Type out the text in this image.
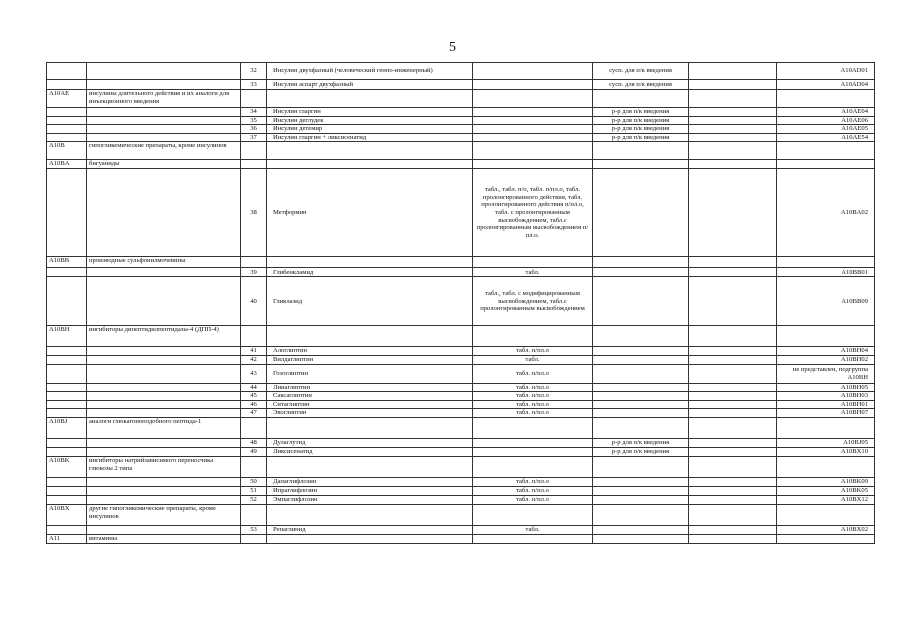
5
		32	Инсулин двухфазный (человеческий генно-инженерный)		сусп. для п/к введения		A10AD01
		33	Инсулин аспарт двухфазный		сусп. для п/к введения		A10AD04
A10AE	инсулины длительного действия и их аналоги для инъекционного введения						
		34	Инсулин гларгин		р-р для п/к введения		A10AE04
		35	Инсулин деглудек		р-р для п/к введения		A10AE06
		36	Инсулин детемир		р-р для п/к введения		A10AE05
		37	Инсулин гларгин + ликсисенатид		р-р для п/к введения		A10AE54
A10B	гипогликемические препараты, кроме инсулинов						
A10BA	бигуаниды						
		38	Метформин	табл., табл. п/о, табл. п/пл.о, табл. пролонгированного действия, табл. пролонгированного действия п/пл.о, табл. с пролонгированным высвобождением, табл.с пролонгированным высвобождением п/пл.о.			A10BA02
A10BB	производные сульфонилмочевины						
		39	Глибенкламид	табл.			A10BB01
		40	Гликлазид	табл., табл. с модифицированным высвобождением, табл.с пролонгированным высвобождением			A10BB09
A10BH	ингибиторы дипептидилпептидазы-4 (ДПП-4)						
		41	Алоглиптин	табл. п/пл.о			A10BH04
		42	Вилдаглиптин	табл.			A10BH02
		43	Гозоглиптин	табл. п/пл.о			не представлен, подгруппа A10BH
		44	Линаглиптин	табл. п/пл.о			A10BH05
		45	Саксаглиптин	табл. п/пл.о			A10BH03
		46	Ситаглиптин	табл. п/пл.о			A10BH01
		47	Эвоглиптин	табл. п/пл.о			A10BH07
A10BJ	аналоги глюкагоноподобного пептида-1						
		48	Дулаглутид		р-р для п/к введения		A10BJ05
		49	Ликсисенатид		р-р для п/к введения		A10BX10
A10BK	ингибиторы натрийзависимого переносчика глюкозы 2 типа						
		50	Дапаглифлозин	табл. п/пл.о			A10BK09
		51	Ипраглифлозин	табл. п/пл.о			A10BK05
		52	Эмпаглифлозин	табл. п/пл.о			A10BX12
A10BX	другие гипогликемические препараты, кроме инсулинов						
		53	Репаглинид	табл.			A10BX02
A11	витамины						
